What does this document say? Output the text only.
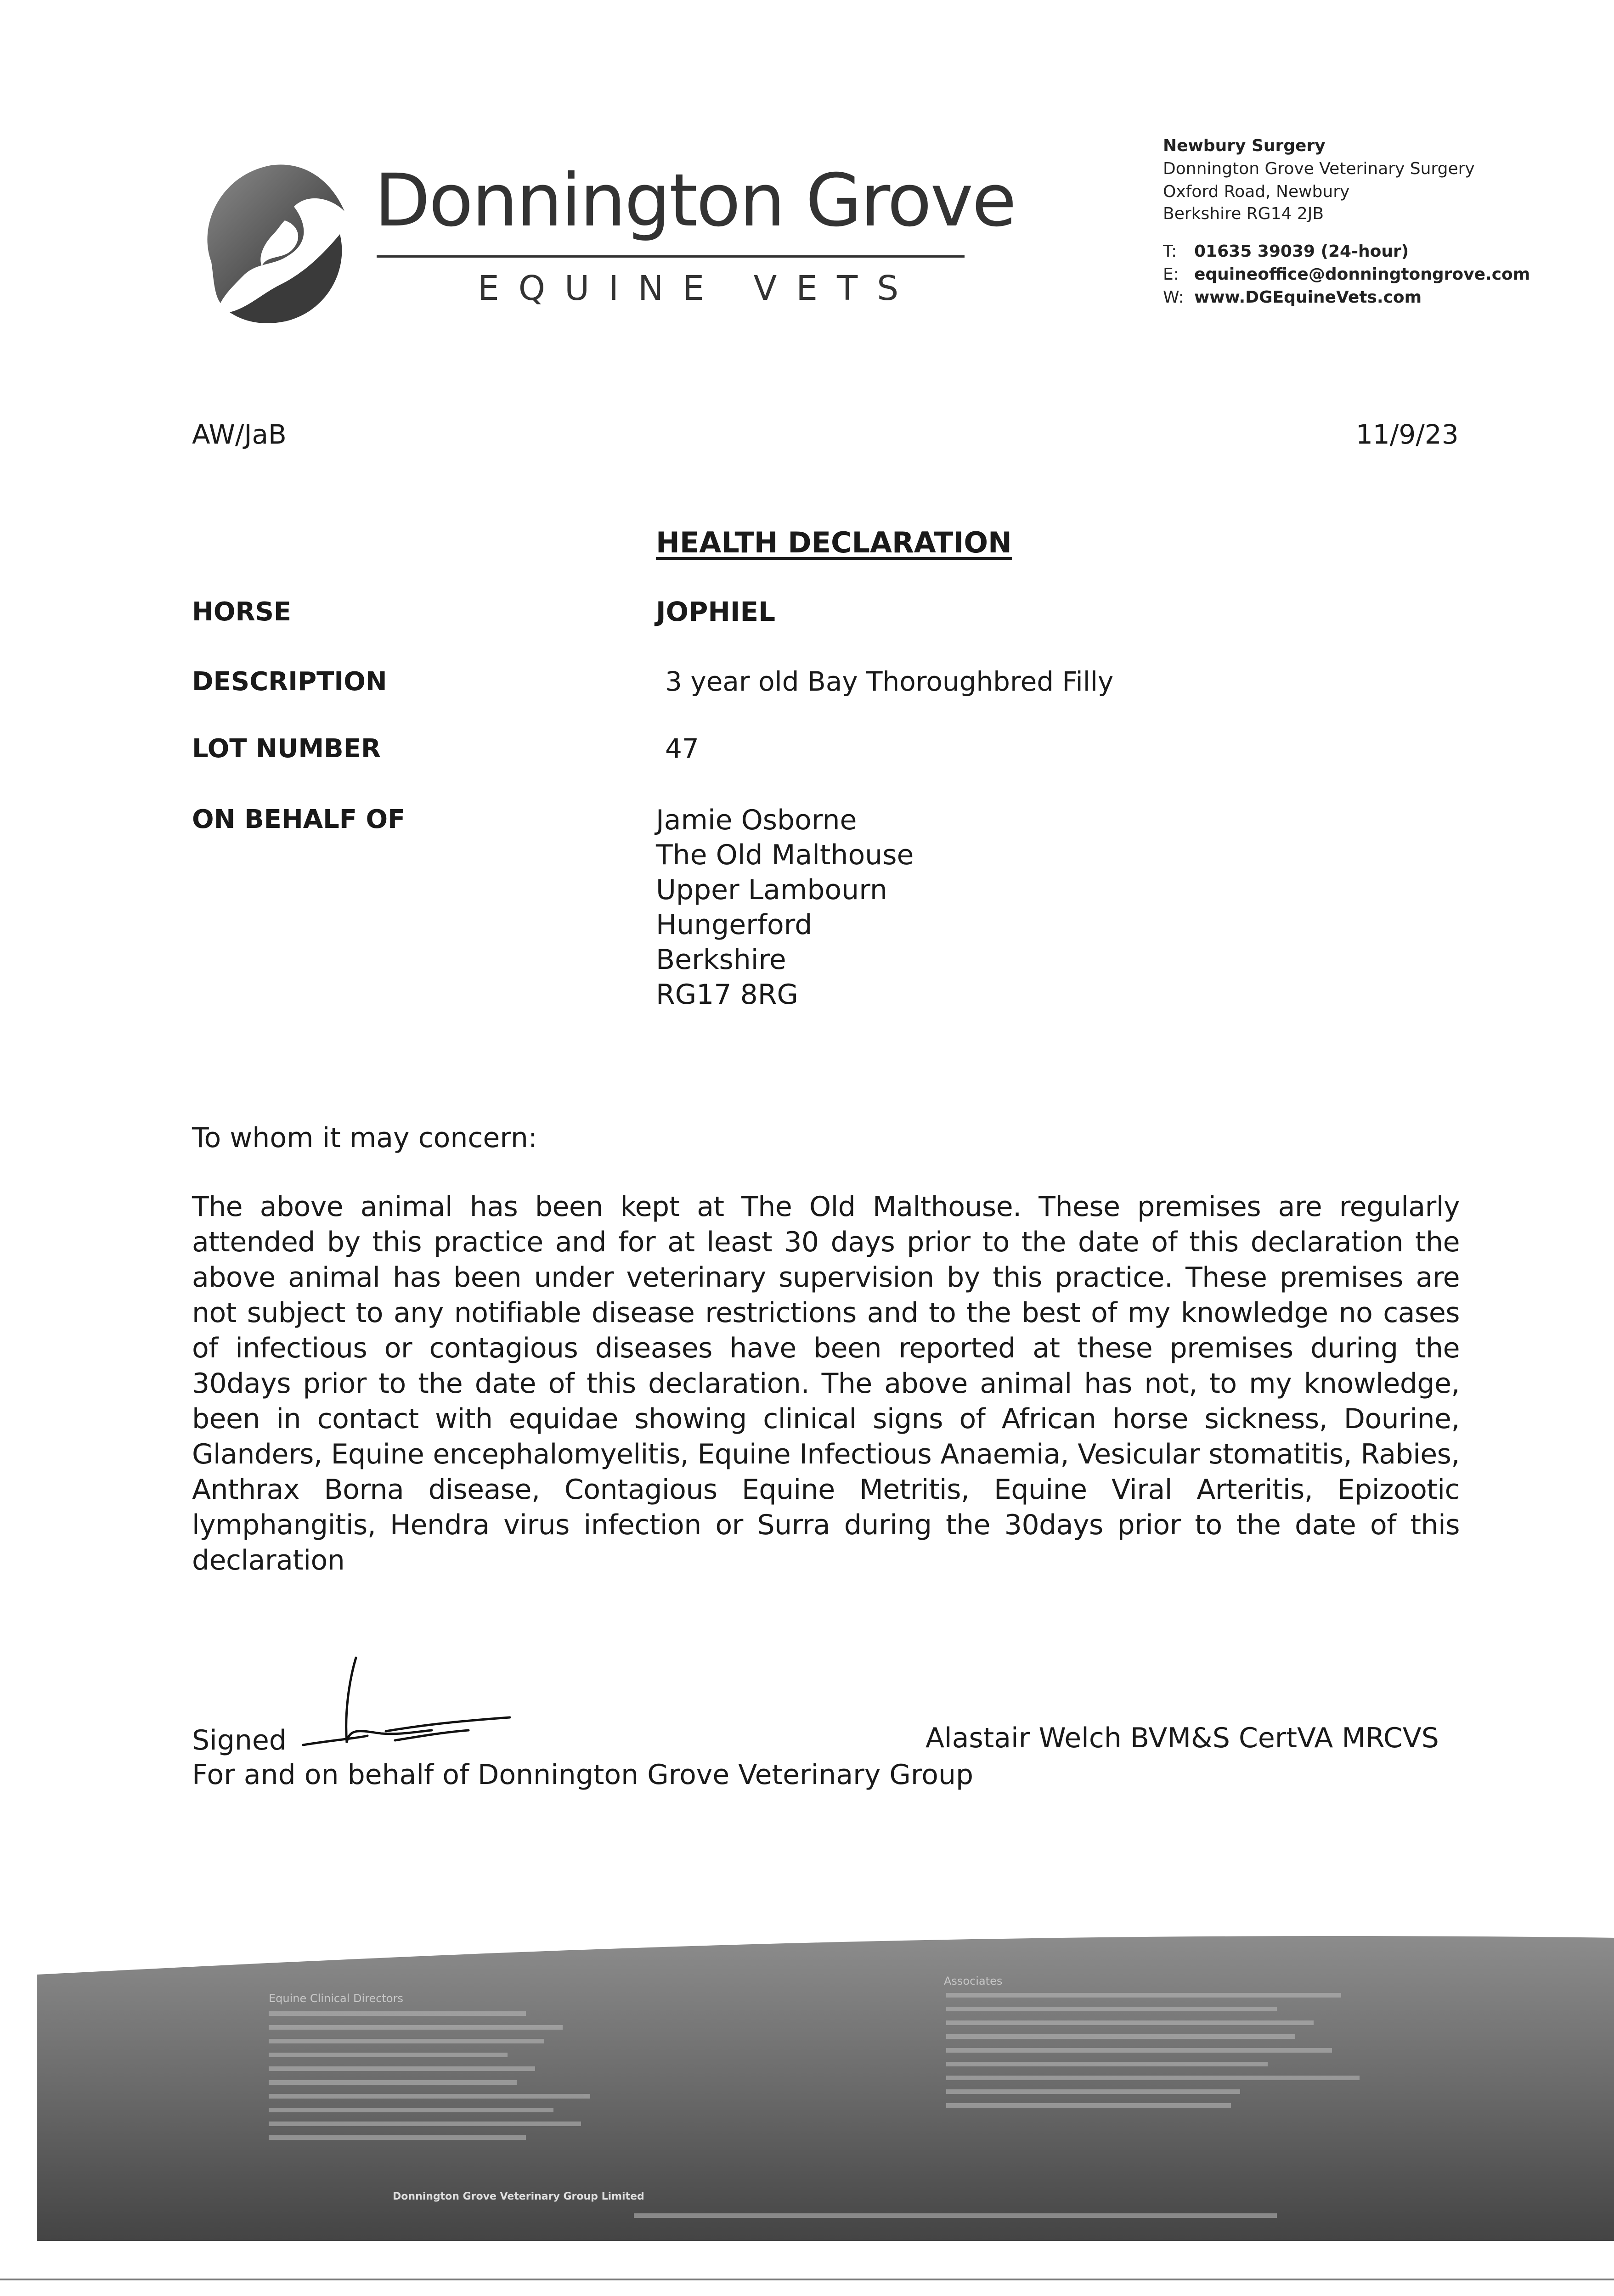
Donnington Grove
EQUINE VETS
Newbury Surgery
Donnington Grove Veterinary Surgery
Oxford Road, Newbury
Berkshire RG14 2JB
T: 01635 39039 (24-hour)
E: equineoffice@donningtongrove.com
W: www.DGEquineVets.com
AW/JaB	11/9/23
HEALTH DECLARATION
HORSE	JOPHIEL
DESCRIPTION	3 year old Bay Thoroughbred Filly
LOT NUMBER	47
ON BEHALF OF	Jamie Osborne
The Old Malthouse
Upper Lambourn
Hungerford
Berkshire
RG17 8RG
To whom it may concern:
The above animal has been kept at The Old Malthouse. These premises are regularly attended by this practice and for at least 30 days prior to the date of this declaration the above animal has been under veterinary supervision by this practice. These premises are not subject to any notifiable disease restrictions and to the best of my knowledge no cases of infectious or contagious diseases have been reported at these premises during the 30days prior to the date of this declaration. The above animal has not, to my knowledge, been in contact with equidae showing clinical signs of African horse sickness, Dourine, Glanders, Equine encephalomyelitis, Equine Infectious Anaemia, Vesicular stomatitis, Rabies, Anthrax Borna disease, Contagious Equine Metritis, Equine Viral Arteritis, Epizootic lymphangitis, Hendra virus infection or Surra during the 30days prior to the date of this declaration
Signed	Alastair Welch BVM&S CertVA MRCVS
For and on behalf of Donnington Grove Veterinary Group
Equine Clinical Directors
Associates
Donnington Grove Veterinary Group Limited
